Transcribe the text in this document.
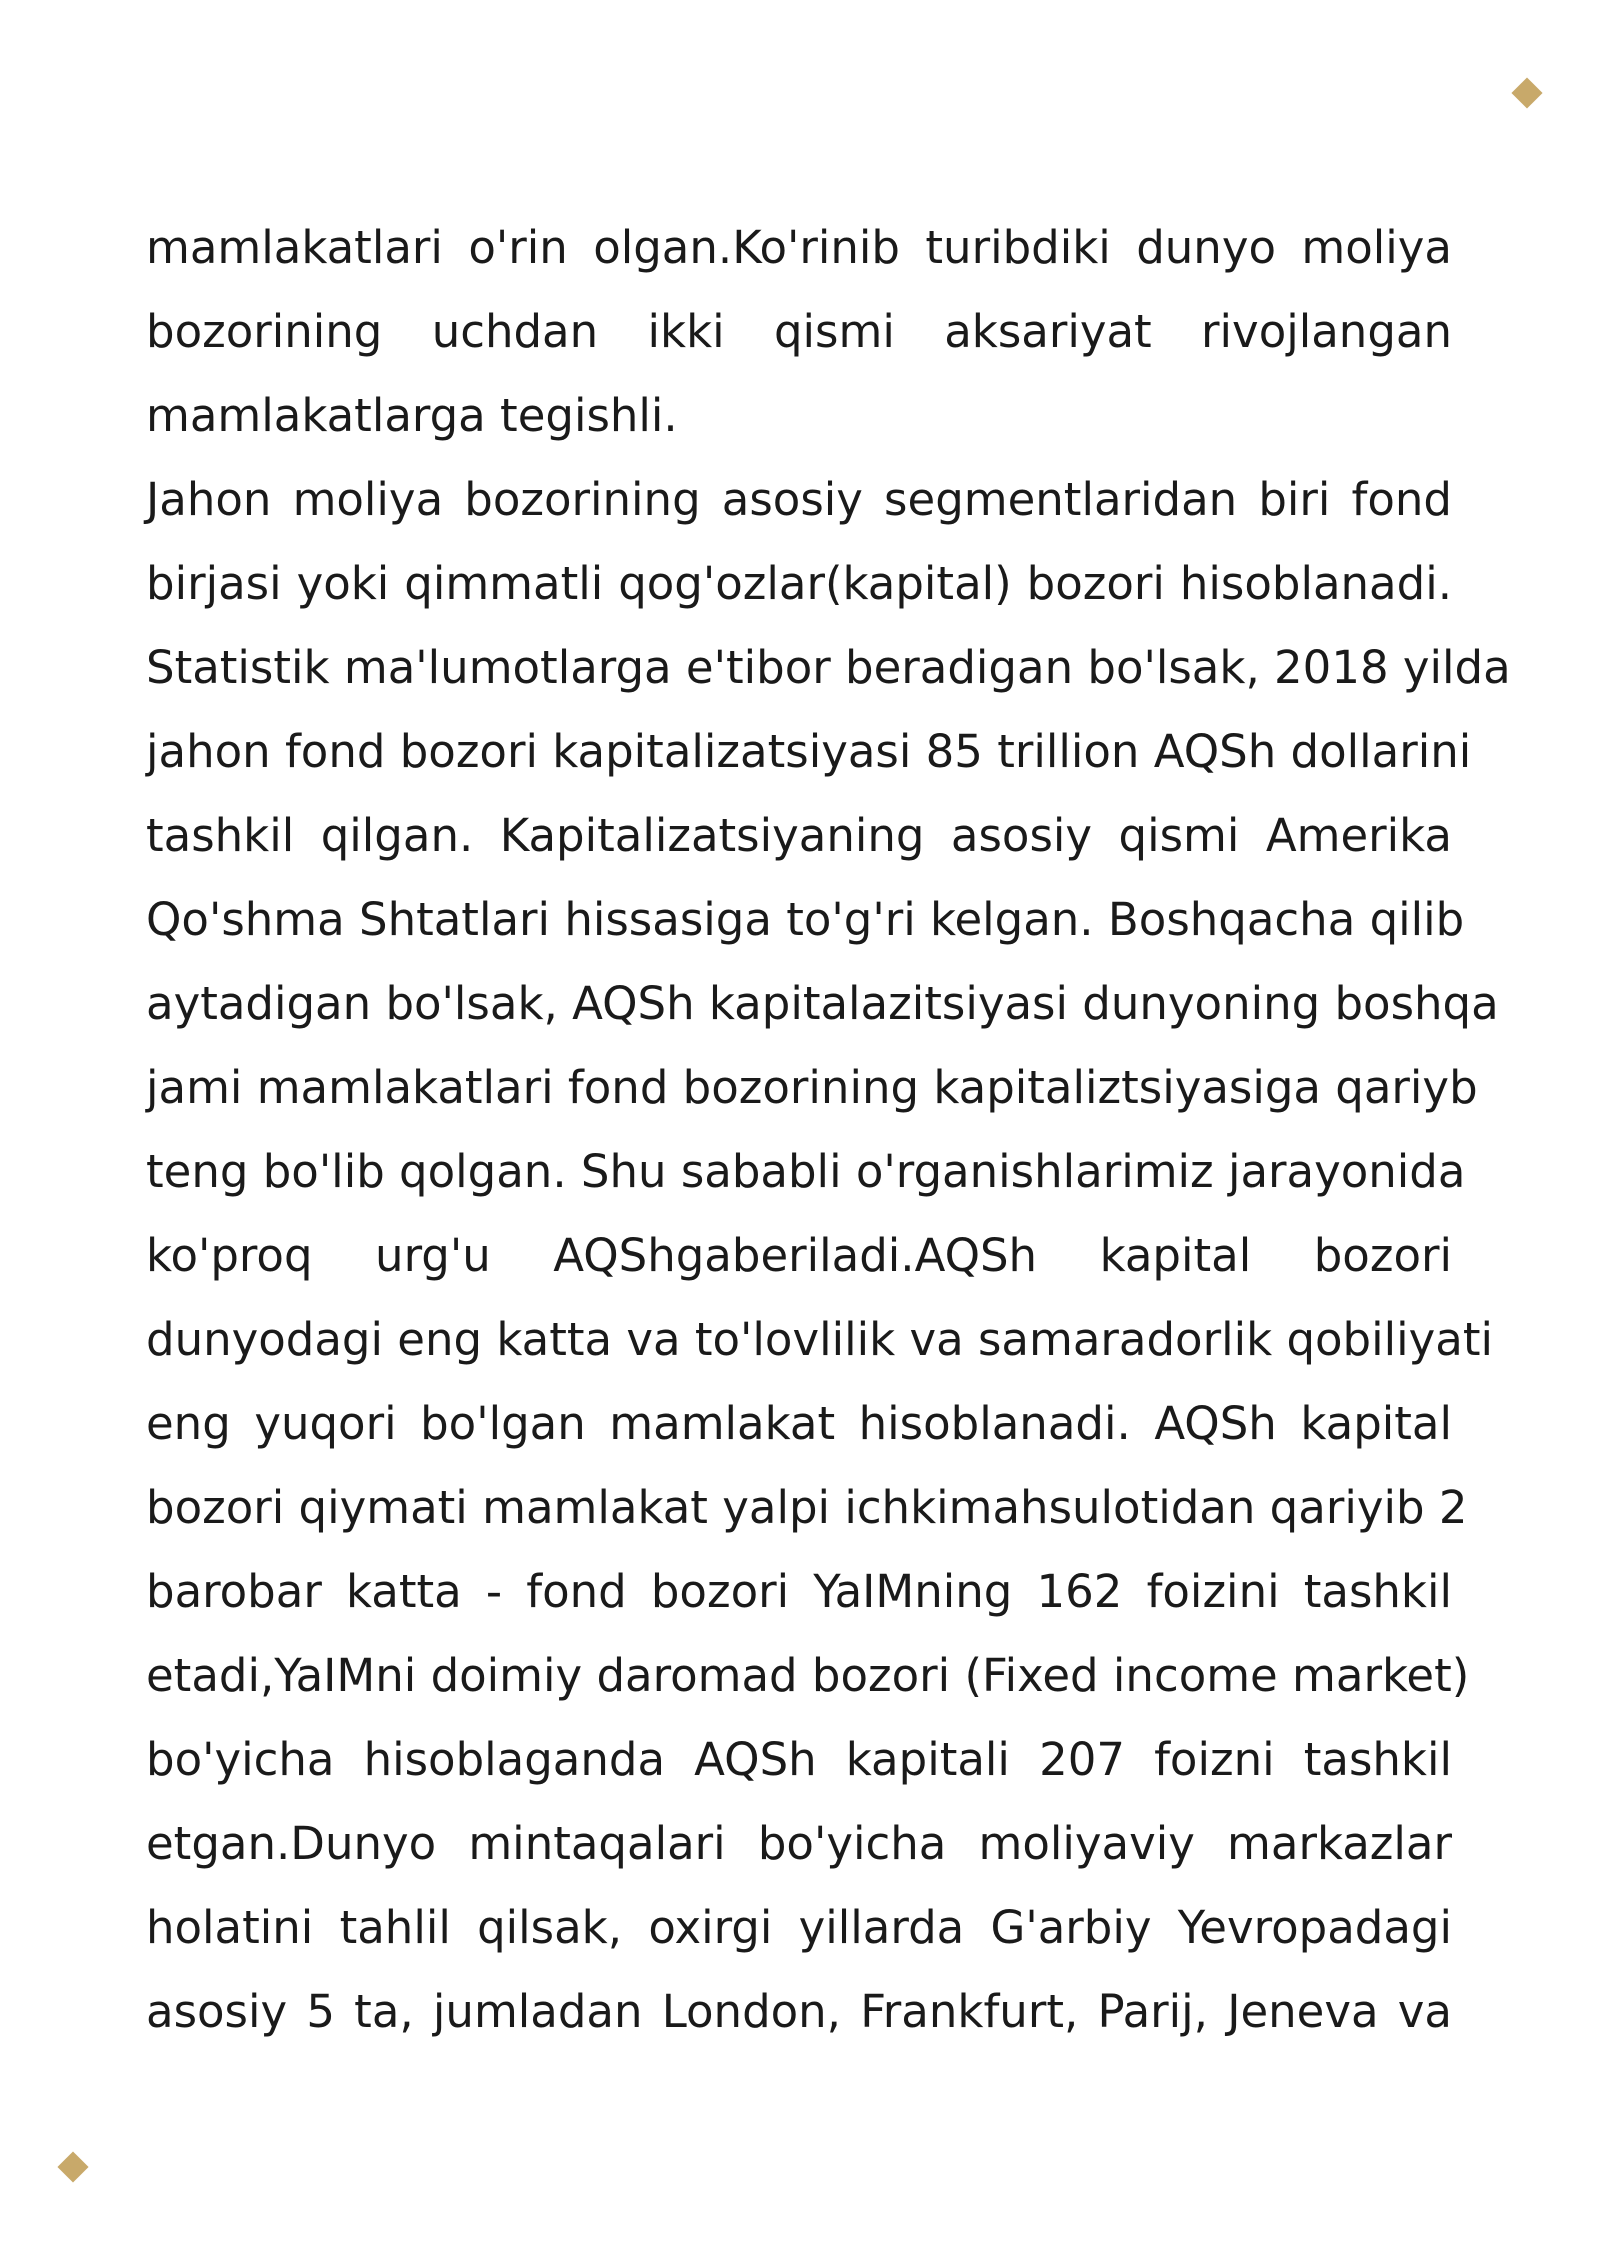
mamlakatlari o'rin olgan.Ko'rinib turibdiki dunyo moliya
bozorining uchdan ikki qismi aksariyat rivojlangan
mamlakatlarga tegishli.
Jahon moliya bozorining asosiy segmentlaridan biri fond
birjasi yoki qimmatli qog'ozlar(kapital) bozori hisoblanadi.
Statistik ma'lumotlarga e'tibor beradigan bo'lsak, 2018 yilda
jahon fond bozori kapitalizatsiyasi 85 trillion AQSh dollarini
tashkil qilgan. Kapitalizatsiyaning asosiy qismi Amerika
Qo'shma Shtatlari hissasiga to'g'ri kelgan. Boshqacha qilib
aytadigan bo'lsak, AQSh kapitalazitsiyasi dunyoning boshqa
jami mamlakatlari fond bozorining kapitaliztsiyasiga qariyb
teng bo'lib qolgan. Shu sababli o'rganishlarimiz jarayonida
ko'proq urg'u AQShgaberiladi.AQSh kapital bozori
dunyodagi eng katta va to'lovlilik va samaradorlik qobiliyati
eng yuqori bo'lgan mamlakat hisoblanadi. AQSh kapital
bozori qiymati mamlakat yalpi ichkimahsulotidan qariyib 2
barobar katta - fond bozori YaIMning 162 foizini tashkil
etadi,YaIMni doimiy daromad bozori (Fixed income market)
bo'yicha hisoblaganda AQSh kapitali 207 foizni tashkil
etgan.Dunyo mintaqalari bo'yicha moliyaviy markazlar
holatini tahlil qilsak, oxirgi yillarda G'arbiy Yevropadagi
asosiy 5 ta, jumladan London, Frankfurt, Parij, Jeneva va
